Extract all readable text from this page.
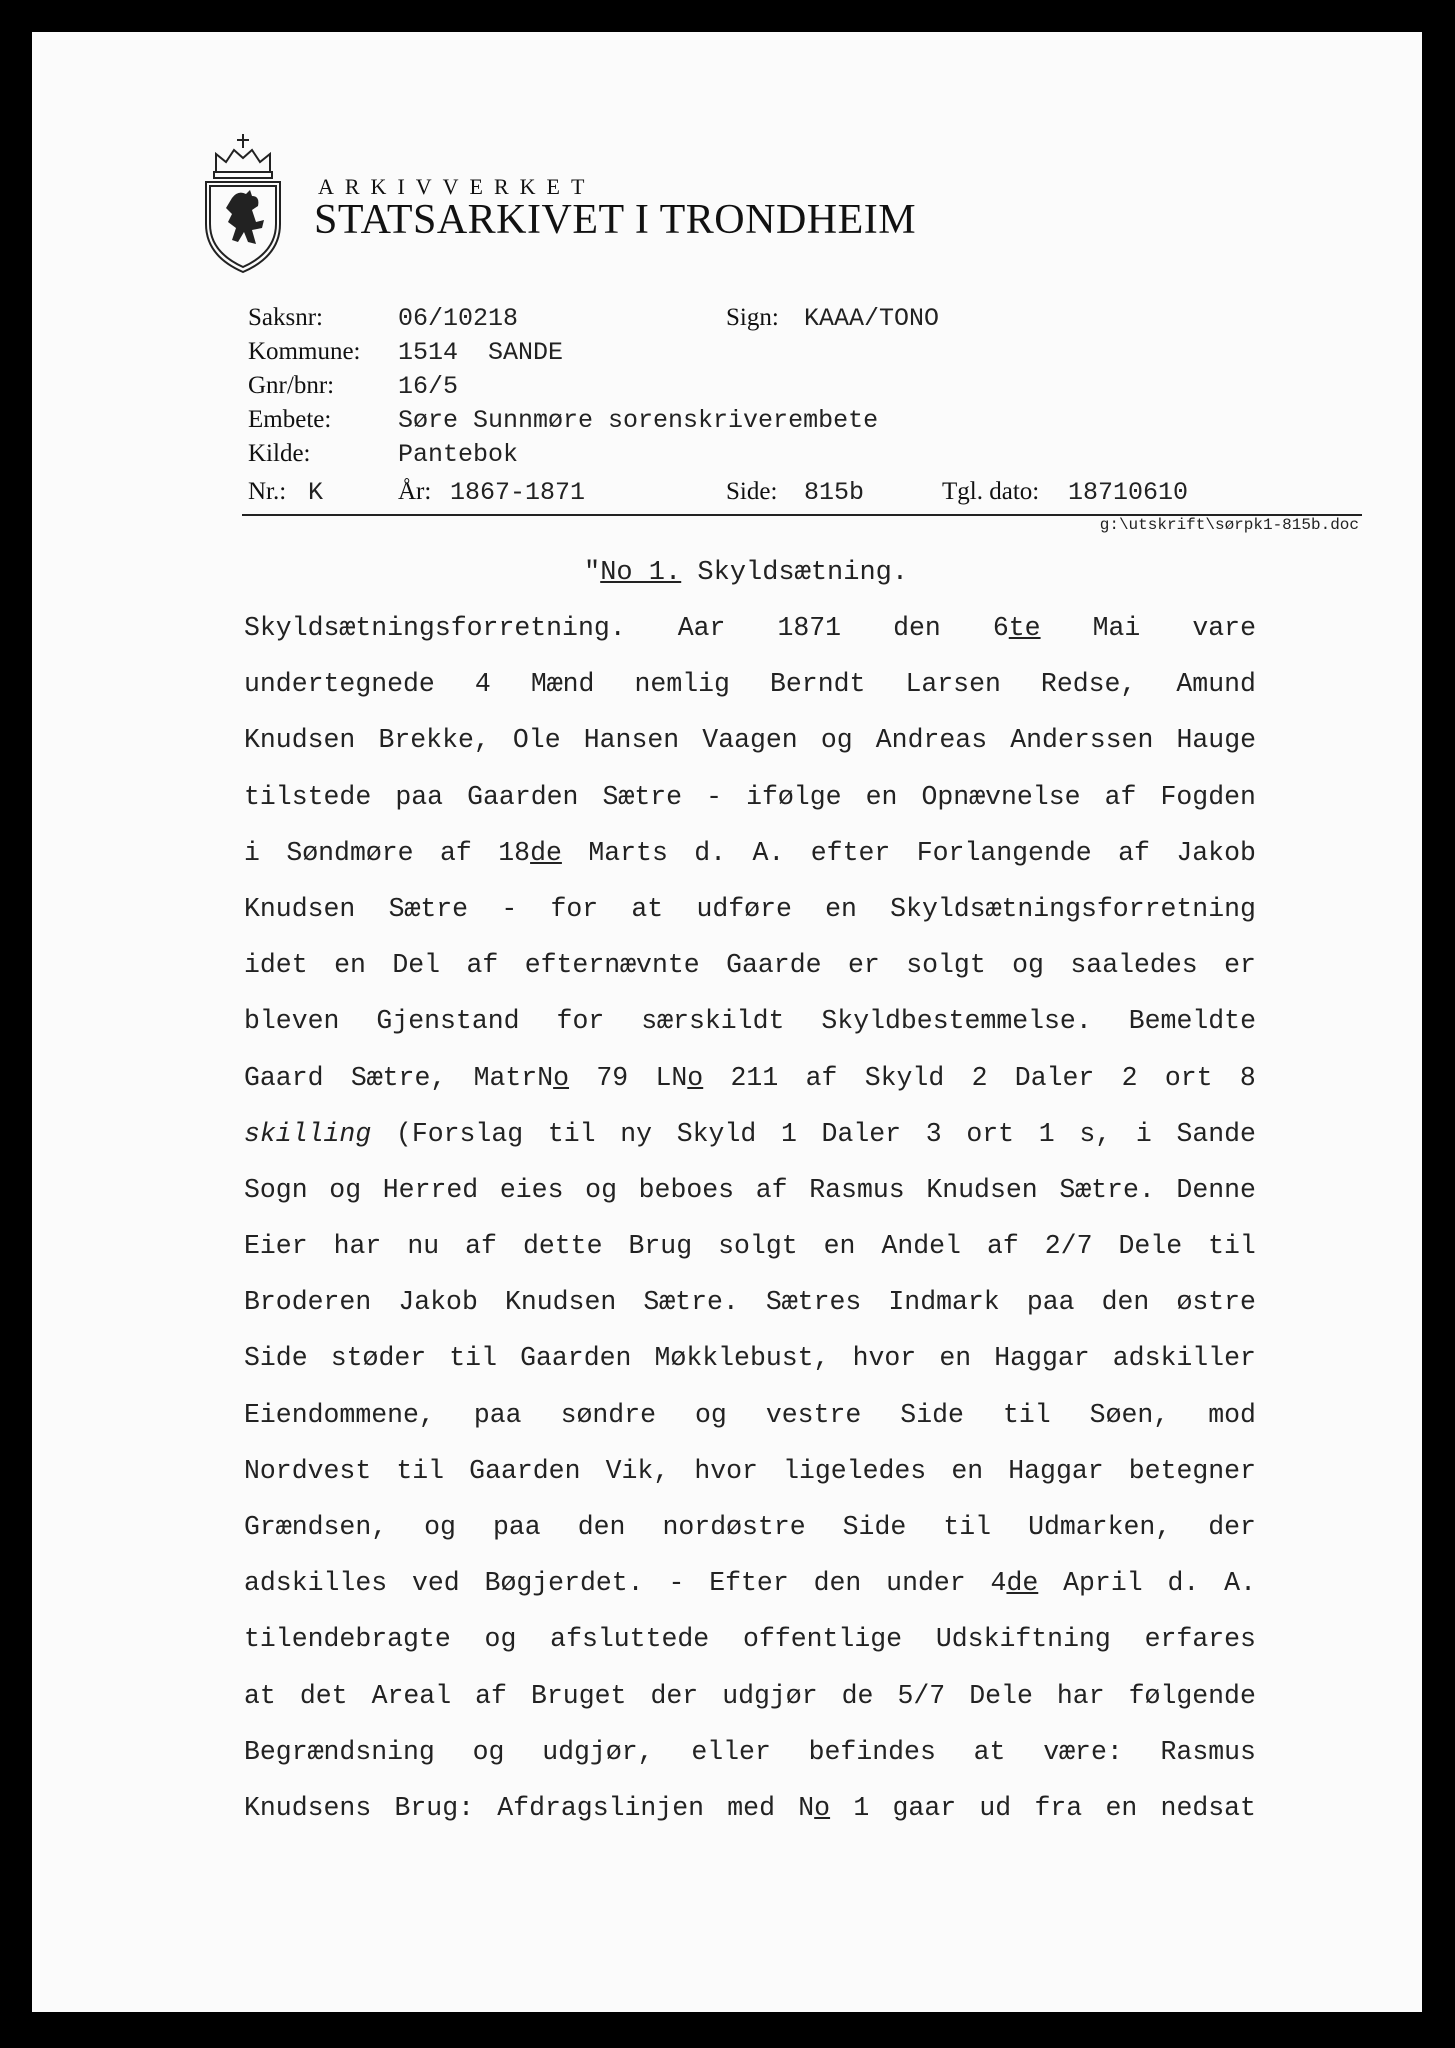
ARKIVVERKET
STATSARKIVET I TRONDHEIM
Saksnr:	06/10218	Sign: KAAA/TONO
Kommune: 1514  SANDE
Gnr/bnr:	16/5
Embete:	Søre Sunnmøre sorenskriverembete
Kilde:	Pantebok
Nr.: K	År: 1867-1871	Side: 815b	Tgl. dato: 18710610
g:\utskrift\sørpk1-815b.doc
"No 1. Skyldsætning.
Skyldsætningsforretning. Aar 1871 den 6te Mai vare
undertegnede 4 Mænd nemlig Berndt Larsen Redse, Amund
Knudsen Brekke, Ole Hansen Vaagen og Andreas Anderssen Hauge
tilstede paa Gaarden Sætre - ifølge en Opnævnelse af Fogden
i Søndmøre af 18de Marts d. A. efter Forlangende af Jakob
Knudsen Sætre - for at udføre en Skyldsætningsforretning
idet en Del af efternævnte Gaarde er solgt og saaledes er
bleven Gjenstand for særskildt Skyldbestemmelse. Bemeldte
Gaard Sætre, MatrNo 79 LNo 211 af Skyld 2 Daler 2 ort 8
skilling (Forslag til ny Skyld 1 Daler 3 ort 1 s, i Sande
Sogn og Herred eies og beboes af Rasmus Knudsen Sætre. Denne
Eier har nu af dette Brug solgt en Andel af 2/7 Dele til
Broderen Jakob Knudsen Sætre. Sætres Indmark paa den østre
Side støder til Gaarden Møkklebust, hvor en Haggar adskiller
Eiendommene, paa søndre og vestre Side til Søen, mod
Nordvest til Gaarden Vik, hvor ligeledes en Haggar betegner
Grændsen, og paa den nordøstre Side til Udmarken, der
adskilles ved Bøgjerdet. - Efter den under 4de April d. A.
tilendebragte og afsluttede offentlige Udskiftning erfares
at det Areal af Bruget der udgjør de 5/7 Dele har følgende
Begrændsning og udgjør, eller befindes at være: Rasmus
Knudsens Brug: Afdragslinjen med No 1 gaar ud fra en nedsat
